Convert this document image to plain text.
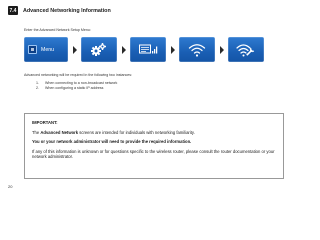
7.4 Advanced Networking Information
Enter the Advanced Network Setup Menu:
Menu
Advanced networking will be required in the following two instances:
1.	When connecting to a non-broadcast network
2.	When configuring a static IP address

IMPORTANT:

The Advanced Network screens are intended for individuals with networking familiarity.

You or your network administrator will need to provide the required information.

If any of this information is unknown or for questions specific to the wireless router, please consult the router documentation or your network administrator.

20
